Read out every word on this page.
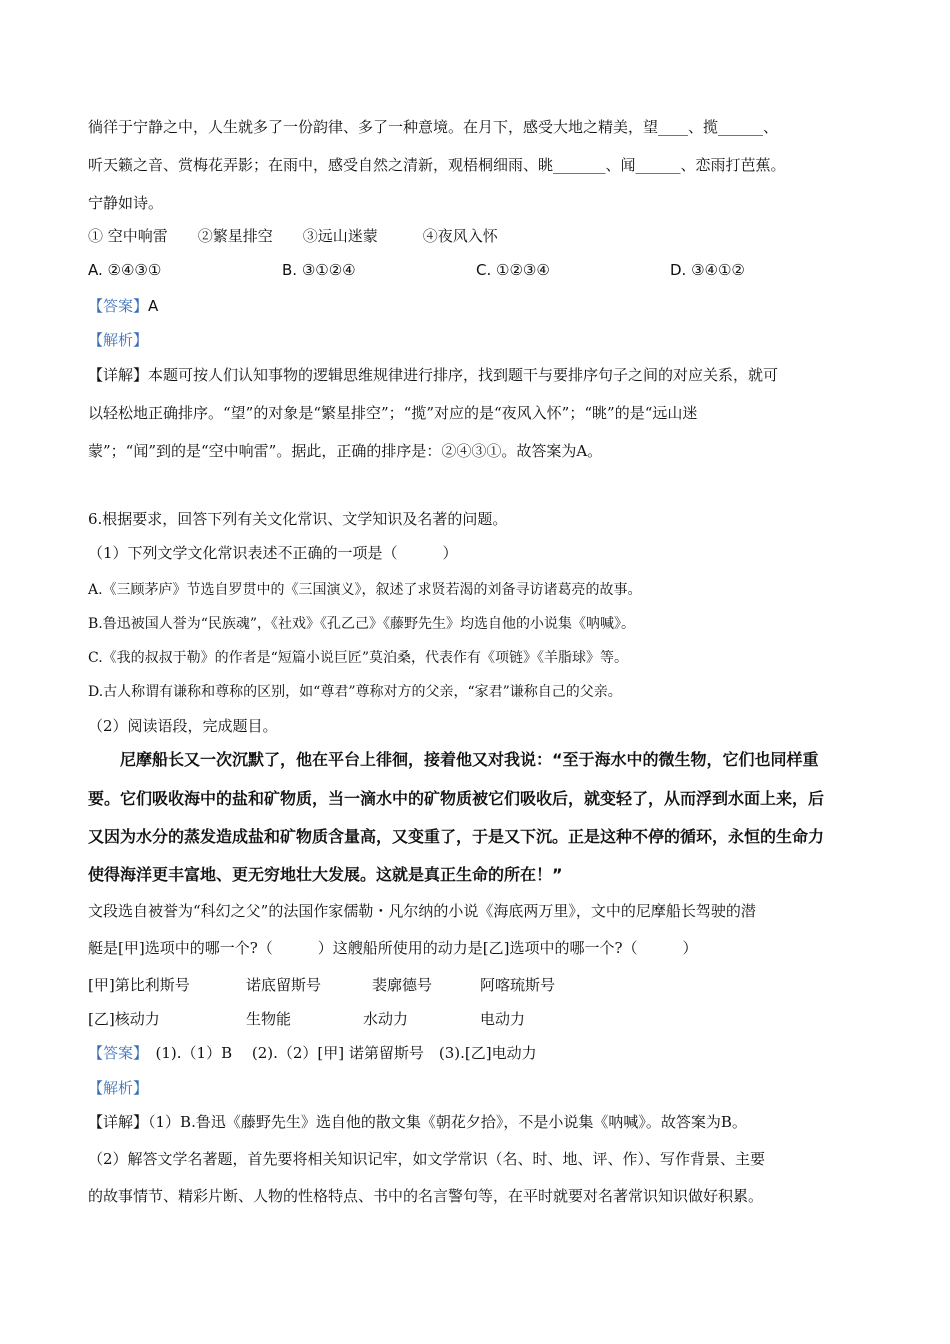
徜徉于宁静之中，人生就多了一份韵律、多了一种意境。在月下，感受大地之精美，望____、揽______、
听天籁之音、赏梅花弄影；在雨中，感受自然之清新，观梧桐细雨、眺_______、闻______、恋雨打芭蕉。
宁静如诗。
① 空中响雷　　②繁星排空　　③远山迷蒙　　　④夜风入怀
A. ②④③①	B. ③①②④	C. ①②③④	D. ③④①②
【答案】A
【解析】
【详解】本题可按人们认知事物的逻辑思维规律进行排序，找到题干与要排序句子之间的对应关系，就可
以轻松地正确排序。“望”的对象是“繁星排空”；“揽”对应的是“夜风入怀”；“眺”的是“远山迷
蒙”；“闻”到的是“空中响雷”。据此，正确的排序是：②④③①。故答案为A。
6.根据要求，回答下列有关文化常识、文学知识及名著的问题。
（1）下列文学文化常识表述不正确的一项是（　　　）
A.《三顾茅庐》节选自罗贯中的《三国演义》，叙述了求贤若渴的刘备寻访诸葛亮的故事。
B.鲁迅被国人誉为“民族魂”，《社戏》《孔乙己》《藤野先生》均选自他的小说集《呐喊》。
C.《我的叔叔于勒》的作者是“短篇小说巨匠”莫泊桑，代表作有《项链》《羊脂球》等。
D.古人称谓有谦称和尊称的区别，如“尊君”尊称对方的父亲，“家君”谦称自己的父亲。
（2）阅读语段，完成题目。
　　尼摩船长又一次沉默了，他在平台上徘徊，接着他又对我说：“至于海水中的微生物，它们也同样重
要。它们吸收海中的盐和矿物质，当一滴水中的矿物质被它们吸收后，就变轻了，从而浮到水面上来，后
又因为水分的蒸发造成盐和矿物质含量高，又变重了，于是又下沉。正是这种不停的循环，永恒的生命力
使得海洋更丰富地、更无穷地壮大发展。这就是真正生命的所在！”
文段选自被誉为“科幻之父”的法国作家儒勒・凡尔纳的小说《海底两万里》，文中的尼摩船长驾驶的潜
艇是[甲]选项中的哪一个?（　　　）这艘船所使用的动力是[乙]选项中的哪一个?（　　　）
[甲]第比利斯号	诺底留斯号	裴廓德号	阿喀琉斯号
[乙]核动力	生物能	水动力	电动力
【答案】　(1).（1）B　 (2).（2）[甲] 诺第留斯号　(3).[乙]电动力
【解析】
【详解】（1）B.鲁迅《藤野先生》选自他的散文集《朝花夕拾》，不是小说集《呐喊》。故答案为B。
（2）解答文学名著题，首先要将相关知识记牢，如文学常识（名、时、地、评、作）、写作背景、主要
的故事情节、精彩片断、人物的性格特点、书中的名言警句等，在平时就要对名著常识知识做好积累。
